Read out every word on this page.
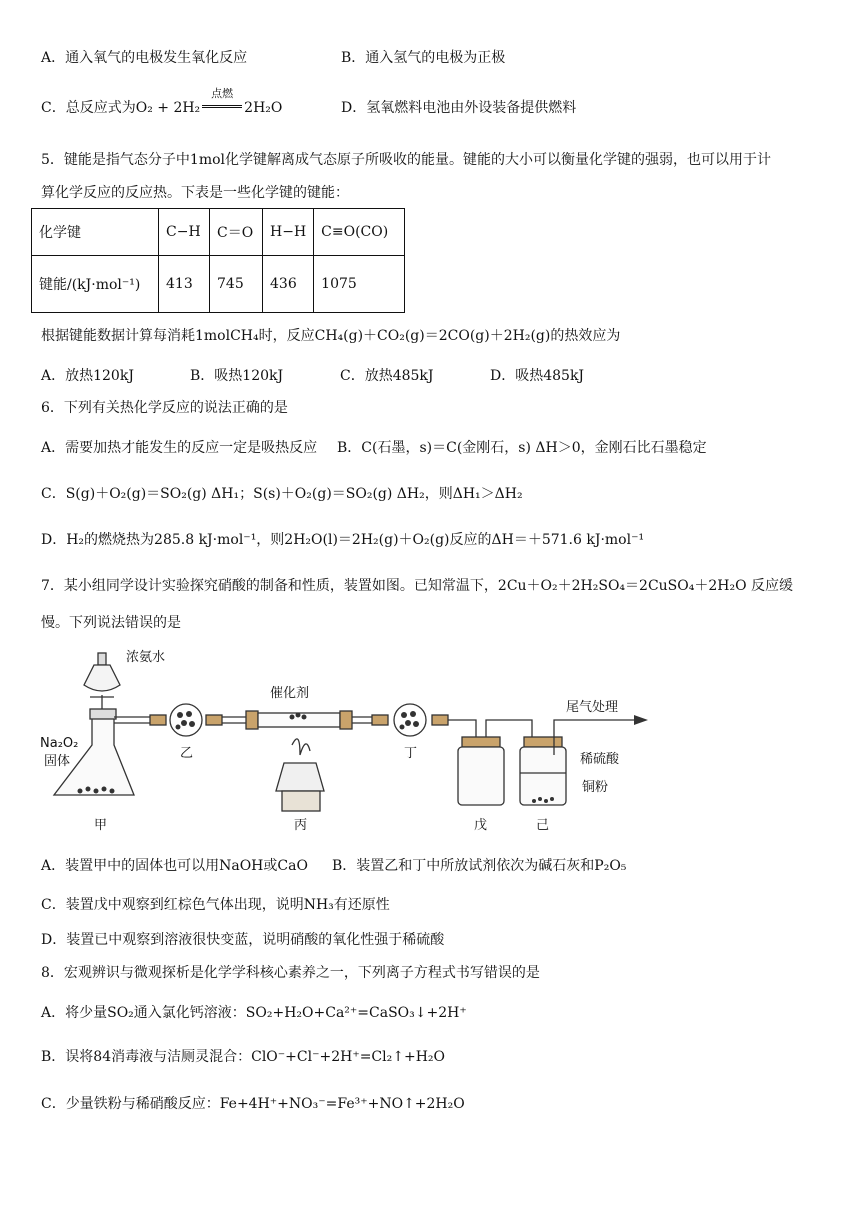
A．通入氧气的电极发生氧化反应	B．通入氢气的电极为正极
C．总反应式为O₂ + 2H₂
点燃
2H₂O	D．氢氧燃料电池由外设装备提供燃料
5．键能是指气态分子中1mol化学键解离成气态原子所吸收的能量。键能的大小可以衡量化学键的强弱，也可以用于计
算化学反应的反应热。下表是一些化学键的键能：
化学键	C−H	C＝O	H−H	C≡O(CO)
键能/(kJ·mol⁻¹)	413	745	436	1075
根据键能数据计算每消耗1molCH₄时，反应CH₄(g)＋CO₂(g)＝2CO(g)＋2H₂(g)的热效应为
A．放热120kJ	B．吸热120kJ	C．放热485kJ	D．吸热485kJ
6．下列有关热化学反应的说法正确的是
A．需要加热才能发生的反应一定是吸热反应 B．C(石墨，s)＝C(金刚石，s) ΔH＞0，金刚石比石墨稳定
C．S(g)＋O₂(g)＝SO₂(g) ΔH₁；S(s)＋O₂(g)＝SO₂(g) ΔH₂，则ΔH₁＞ΔH₂
D．H₂的燃烧热为285.8 kJ·mol⁻¹，则2H₂O(l)＝2H₂(g)＋O₂(g)反应的ΔH＝＋571.6 kJ·mol⁻¹
7．某小组同学设计实验探究硝酸的制备和性质，装置如图。已知常温下，2Cu＋O₂＋2H₂SO₄＝2CuSO₄＋2H₂O 反应缓
慢。下列说法错误的是
浓氨水
催化剂
尾气处理
Na₂O₂
固体
乙	丁	稀硫酸
铜粉
甲	丙	戊	己
A．装置甲中的固体也可以用NaOH或CaO B．装置乙和丁中所放试剂依次为碱石灰和P₂O₅
C．装置戊中观察到红棕色气体出现，说明NH₃有还原性
D．装置已中观察到溶液很快变蓝，说明硝酸的氧化性强于稀硫酸
8．宏观辨识与微观探析是化学学科核心素养之一，下列离子方程式书写错误的是
A．将少量SO₂通入氯化钙溶液：SO₂+H₂O+Ca²⁺=CaSO₃↓+2H⁺
B．误将84消毒液与洁厕灵混合：ClO⁻+Cl⁻+2H⁺=Cl₂↑+H₂O
C．少量铁粉与稀硝酸反应：Fe+4H⁺+NO₃⁻=Fe³⁺+NO↑+2H₂O
